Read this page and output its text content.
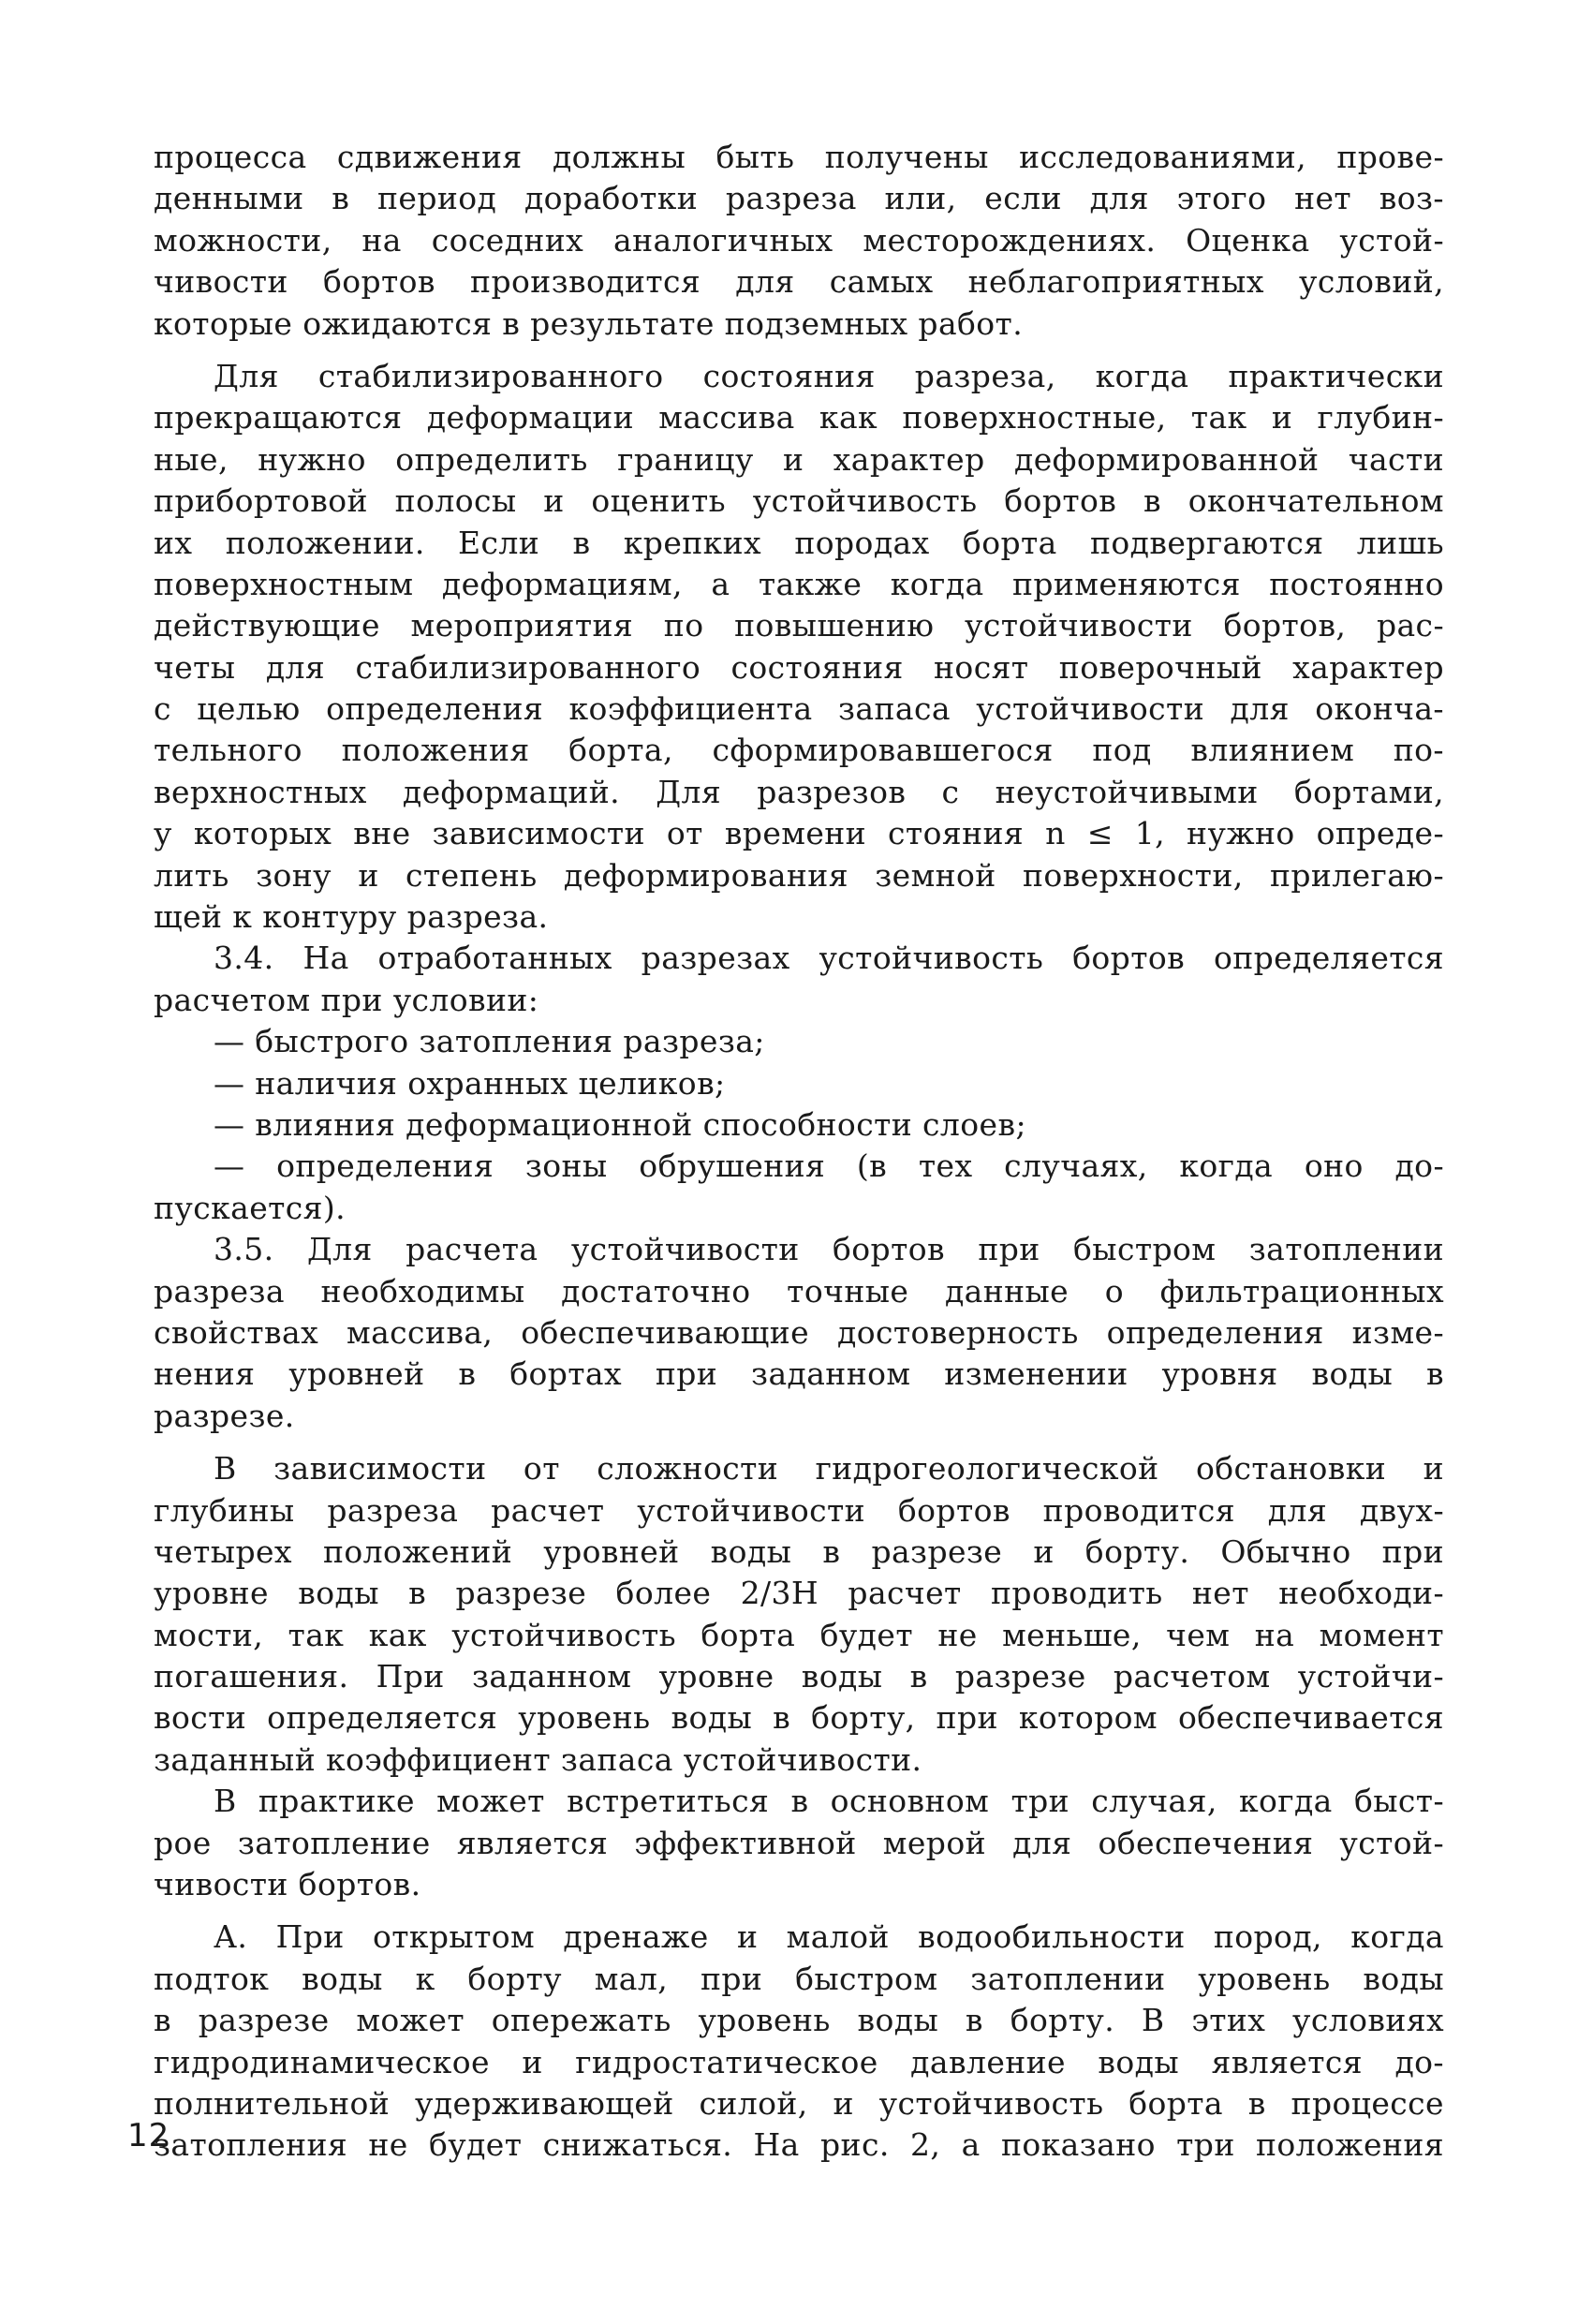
процесса сдвижения должны быть получены исследованиями, прове-
денными в период доработки разреза или, если для этого нет воз-
можности, на соседних аналогичных месторождениях. Оценка устой-
чивости бортов производится для самых неблагоприятных условий,
которые ожидаются в результате подземных работ.
Для стабилизированного состояния разреза, когда практически
прекращаются деформации массива как поверхностные, так и глубин-
ные, нужно определить границу и характер деформированной части
прибортовой полосы и оценить устойчивость бортов в окончательном
их положении. Если в крепких породах борта подвергаются лишь
поверхностным деформациям, а также когда применяются постоянно
действующие мероприятия по повышению устойчивости бортов, рас-
четы для стабилизированного состояния носят поверочный характер
с целью определения коэффициента запаса устойчивости для оконча-
тельного положения борта, сформировавшегося под влиянием по-
верхностных деформаций. Для разрезов с неустойчивыми бортами,
у которых вне зависимости от времени стояния n ≤ 1, нужно опреде-
лить зону и степень деформирования земной поверхности, прилегаю-
щей к контуру разреза.
3.4. На отработанных разрезах устойчивость бортов определяется
расчетом при условии:
— быстрого затопления разреза;
— наличия охранных целиков;
— влияния деформационной способности слоев;
— определения зоны обрушения (в тех случаях, когда оно до-
пускается).
3.5. Для расчета устойчивости бортов при быстром затоплении
разреза необходимы достаточно точные данные о фильтрационных
свойствах массива, обеспечивающие достоверность определения изме-
нения уровней в бортах при заданном изменении уровня воды в
разрезе.
В зависимости от сложности гидрогеологической обстановки и
глубины разреза расчет устойчивости бортов проводится для двух-
четырех положений уровней воды в разрезе и борту. Обычно при
уровне воды в разрезе более 2/3H расчет проводить нет необходи-
мости, так как устойчивость борта будет не меньше, чем на момент
погашения. При заданном уровне воды в разрезе расчетом устойчи-
вости определяется уровень воды в борту, при котором обеспечивается
заданный коэффициент запаса устойчивости.
В практике может встретиться в основном три случая, когда быст-
рое затопление является эффективной мерой для обеспечения устой-
чивости бортов.
А. При открытом дренаже и малой водообильности пород, когда
подток воды к борту мал, при быстром затоплении уровень воды
в разрезе может опережать уровень воды в борту. В этих условиях
гидродинамическое и гидростатическое давление воды является до-
полнительной удерживающей силой, и устойчивость борта в процессе
затопления не будет снижаться. На рис. 2, а показано три положения
12
